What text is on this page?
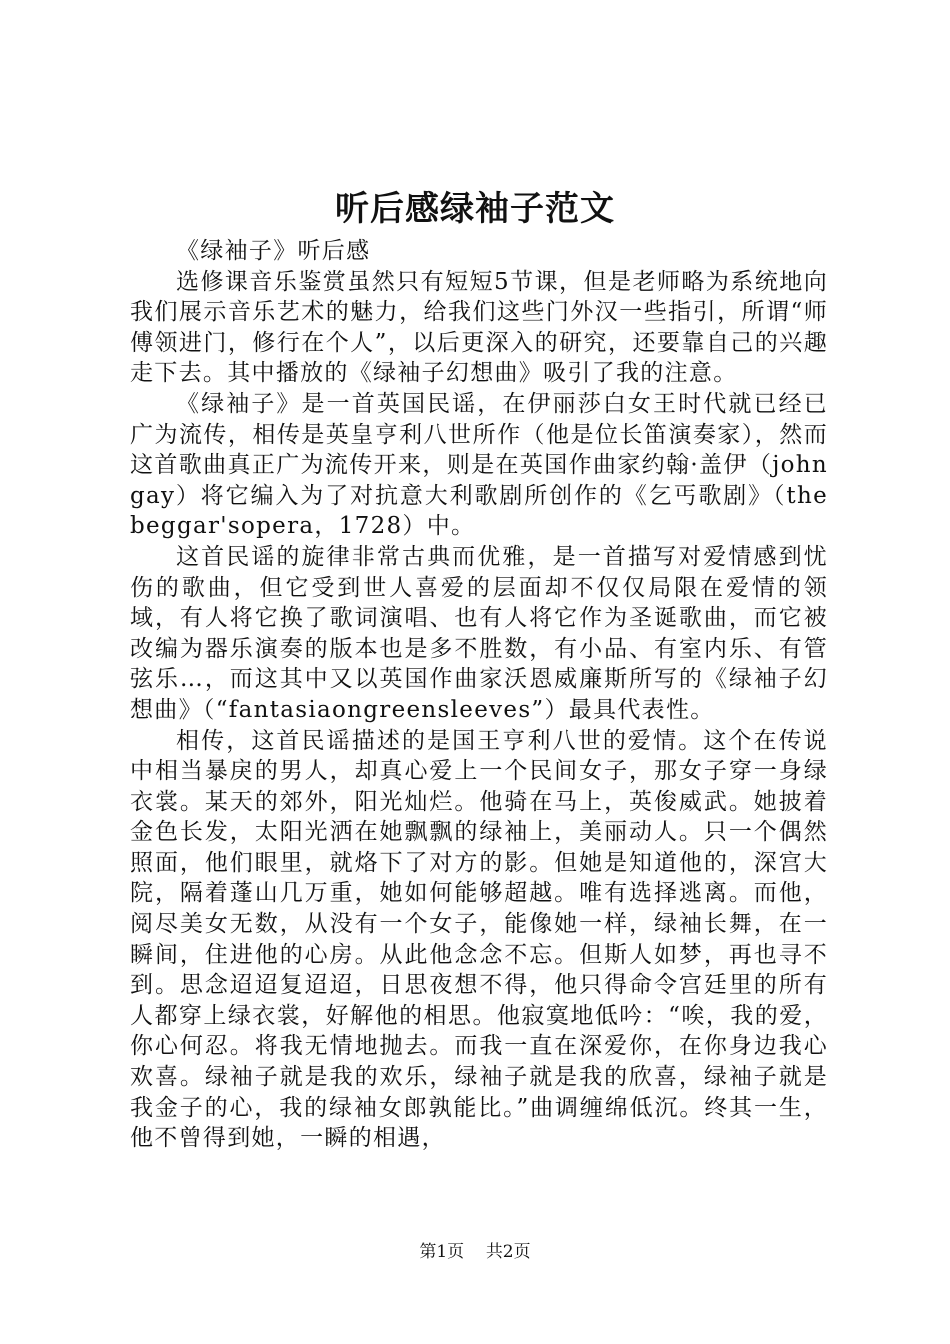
听后感绿袖子范文

《绿袖子》听后感

选修课音乐鉴赏虽然只有短短5节课，但是老师略为系统地向我们展示音乐艺术的魅力，给我们这些门外汉一些指引，所谓“师傅领进门，修行在个人”，以后更深入的研究，还要靠自己的兴趣走下去。其中播放的《绿袖子幻想曲》吸引了我的注意。

《绿袖子》是一首英国民谣，在伊丽莎白女王时代就已经已广为流传，相传是英皇亨利八世所作（他是位长笛演奏家），然而这首歌曲真正广为流传开来，则是在英国作曲家约翰·盖伊（johngay）将它编入为了对抗意大利歌剧所创作的《乞丐歌剧》（thebeggar'sopera，1728）中。

这首民谣的旋律非常古典而优雅，是一首描写对爱情感到忧伤的歌曲，但它受到世人喜爱的层面却不仅仅局限在爱情的领域，有人将它换了歌词演唱、也有人将它作为圣诞歌曲，而它被改编为器乐演奏的版本也是多不胜数，有小品、有室内乐、有管弦乐…，而这其中又以英国作曲家沃恩威廉斯所写的《绿袖子幻想曲》（“fantasiaongreensleeves”）最具代表性。

相传，这首民谣描述的是国王亨利八世的爱情。这个在传说中相当暴戾的男人，却真心爱上一个民间女子，那女子穿一身绿衣裳。某天的郊外，阳光灿烂。他骑在马上，英俊威武。她披着金色长发，太阳光洒在她飘飘的绿袖上，美丽动人。只一个偶然照面，他们眼里，就烙下了对方的影。但她是知道他的，深宫大院，隔着蓬山几万重，她如何能够超越。唯有选择逃离。而他，阅尽美女无数，从没有一个女子，能像她一样，绿袖长舞，在一瞬间，住进他的心房。从此他念念不忘。但斯人如梦，再也寻不到。思念迢迢复迢迢，日思夜想不得，他只得命令宫廷里的所有人都穿上绿衣裳，好解他的相思。他寂寞地低吟：“唉，我的爱，你心何忍。将我无情地抛去。而我一直在深爱你，在你身边我心欢喜。绿袖子就是我的欢乐，绿袖子就是我的欣喜，绿袖子就是我金子的心，我的绿袖女郎孰能比。”曲调缠绵低沉。终其一生，他不曾得到她，一瞬的相遇，

第1页 共2页
